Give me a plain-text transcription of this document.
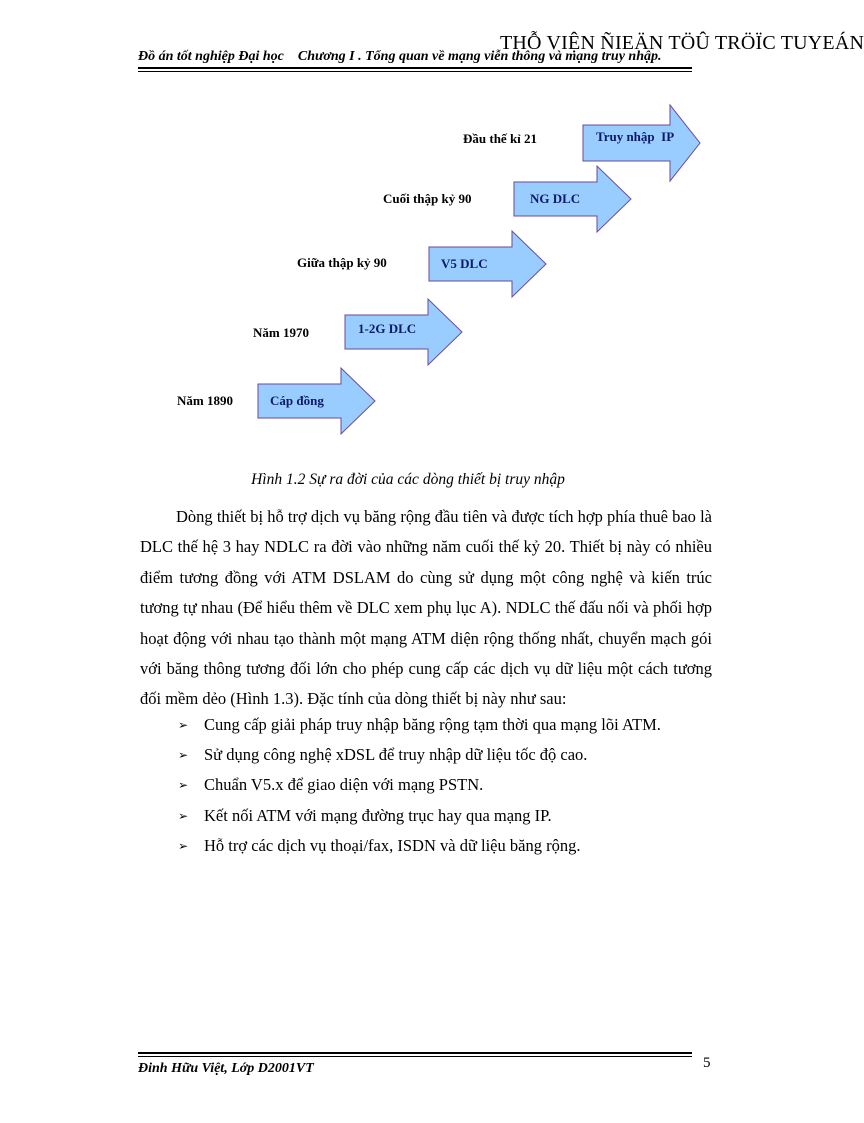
THỖ VIỆN ÑIEÄN TÖÛ TRÖÏC TUYEÁN
Đồ án tốt nghiệp Đại học Chương I . Tổng quan về mạng viễn thông và mạng truy nhập.
Năm 1890
Năm 1970
Giữa thập kỷ 90
Cuối thập kỷ 90
Đầu thế kỉ 21
Cáp đồng
1-2G DLC
V5 DLC
NG DLC
Truy nhập  IP
Hình 1.2 Sự ra đời của các dòng thiết bị truy nhập

Dòng thiết bị hỗ trợ dịch vụ băng rộng đầu tiên và được tích hợp phía thuê bao là DLC thế hệ 3 hay NDLC ra đời vào những năm cuối thế kỷ 20. Thiết bị này có nhiều điểm tương đồng với ATM DSLAM do cùng sử dụng một công nghệ và kiến trúc tương tự nhau (Để hiểu thêm về DLC xem phụ lục A). NDLC thế đấu nối và phối hợp hoạt động với nhau tạo thành một mạng ATM diện rộng thống nhất, chuyển mạch gói với băng thông tương đối lớn cho phép cung cấp các dịch vụ dữ liệu một cách tương đối mềm dẻo (Hình 1.3). Đặc tính của dòng thiết bị này như sau:

➢ Cung cấp giải pháp truy nhập băng rộng tạm thời qua mạng lõi ATM.
➢ Sử dụng công nghệ xDSL để truy nhập dữ liệu tốc độ cao.
➢ Chuẩn V5.x để giao diện với mạng PSTN.
➢ Kết nối ATM với mạng đường trục hay qua mạng IP.
➢ Hỗ trợ các dịch vụ thoại/fax, ISDN và dữ liệu băng rộng.
Đinh Hữu Việt, Lớp D2001VT	5
